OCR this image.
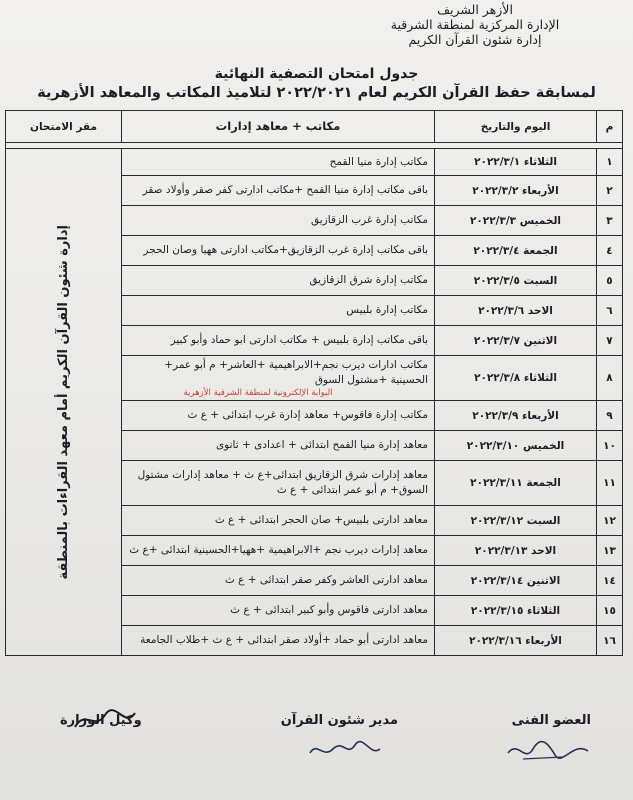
الأزهر الشريف
الإدارة المركزية لمنطقة الشرقية
إدارة شئون القرآن الكريم
جدول امتحان التصفية النهائية
لمسابقة حفظ القرآن الكريم لعام ٢٠٢٢/٢٠٢١ لتلاميذ المكاتب والمعاهد الأزهرية
م	اليوم والتاريخ	مكاتب + معاهد إدارات	مقر الامتحان

١	الثلاثاء ٢٠٢٢/٣/١	مكاتب إدارة منيا القمح	إدارة شئون القرآن الكريم أمام معهد القراءات بالمنطقة

٢	الأربعاء ٢٠٢٢/٣/٢	باقى مكاتب إدارة منيا القمح +مكاتب ادارتى كفر صقر وأولاد صقر	
٣	الخميس ٢٠٢٢/٣/٣	مكاتب إدارة غرب الزقازيق	
٤	الجمعة ٢٠٢٢/٣/٤	باقى مكاتب إدارة غرب الزقازيق+مكاتب ادارتى ههيا وصان الحجر	
٥	السبت ٢٠٢٢/٣/٥	مكاتب إدارة شرق الزقازيق	
٦	الاحد ٢٠٢٢/٣/٦	مكاتب إدارة بلبيس	
٧	الاثنين ٢٠٢٢/٣/٧	باقى مكاتب إدارة بلبيس + مكاتب ادارتى ابو حماد وأبو كبير	
٨	الثلاثاء ٢٠٢٢/٣/٨	مكاتب ادارات ديرب نجم+الابراهيمية +العاشر+ م أبو عمر+ الحسينية +مشتول السوق
البوابة الإلكترونية لمنطقة الشرقية الأزهرية	

٩	الأربعاء ٢٠٢٢/٣/٩	مكاتب إدارة فاقوس+ معاهد إدارة غرب ابتدائى + ع ث	
١٠	الخميس ٢٠٢٢/٣/١٠	معاهد إدارة منيا القمح ابتدائى + اعدادى + ثانوى	
١١	الجمعة ٢٠٢٢/٣/١١	معاهد إدارات شرق الزقازيق ابتدائى+ع ث + معاهد إدارات مشتول السوق+ م أبو عمر ابتدائى + ع ث	
١٢	السبت ٢٠٢٢/٣/١٢	معاهد ادارتى بلبيس+ صان الحجر ابتدائى + ع ث	
١٣	الاحد ٢٠٢٢/٣/١٣	معاهد إدارات ديرب نجم +الابراهيمية +ههيا+الحسينية ابتدائى +ع ث	
١٤	الاثنين ٢٠٢٢/٣/١٤	معاهد ادارتى العاشر وكفر صقر ابتدائى + ع ث	
١٥	الثلاثاء ٢٠٢٢/٣/١٥	معاهد ادارتى فاقوس وأبو كبير ابتدائى + ع ث	
١٦	الأربعاء ٢٠٢٢/٣/١٦	معاهد ادارتى أبو حماد +أولاد صقر ابتدائى + ع ث +طلاب الجامعة	
العضو الفنى
مدير شئون القرآن
وكيل الوزارة
